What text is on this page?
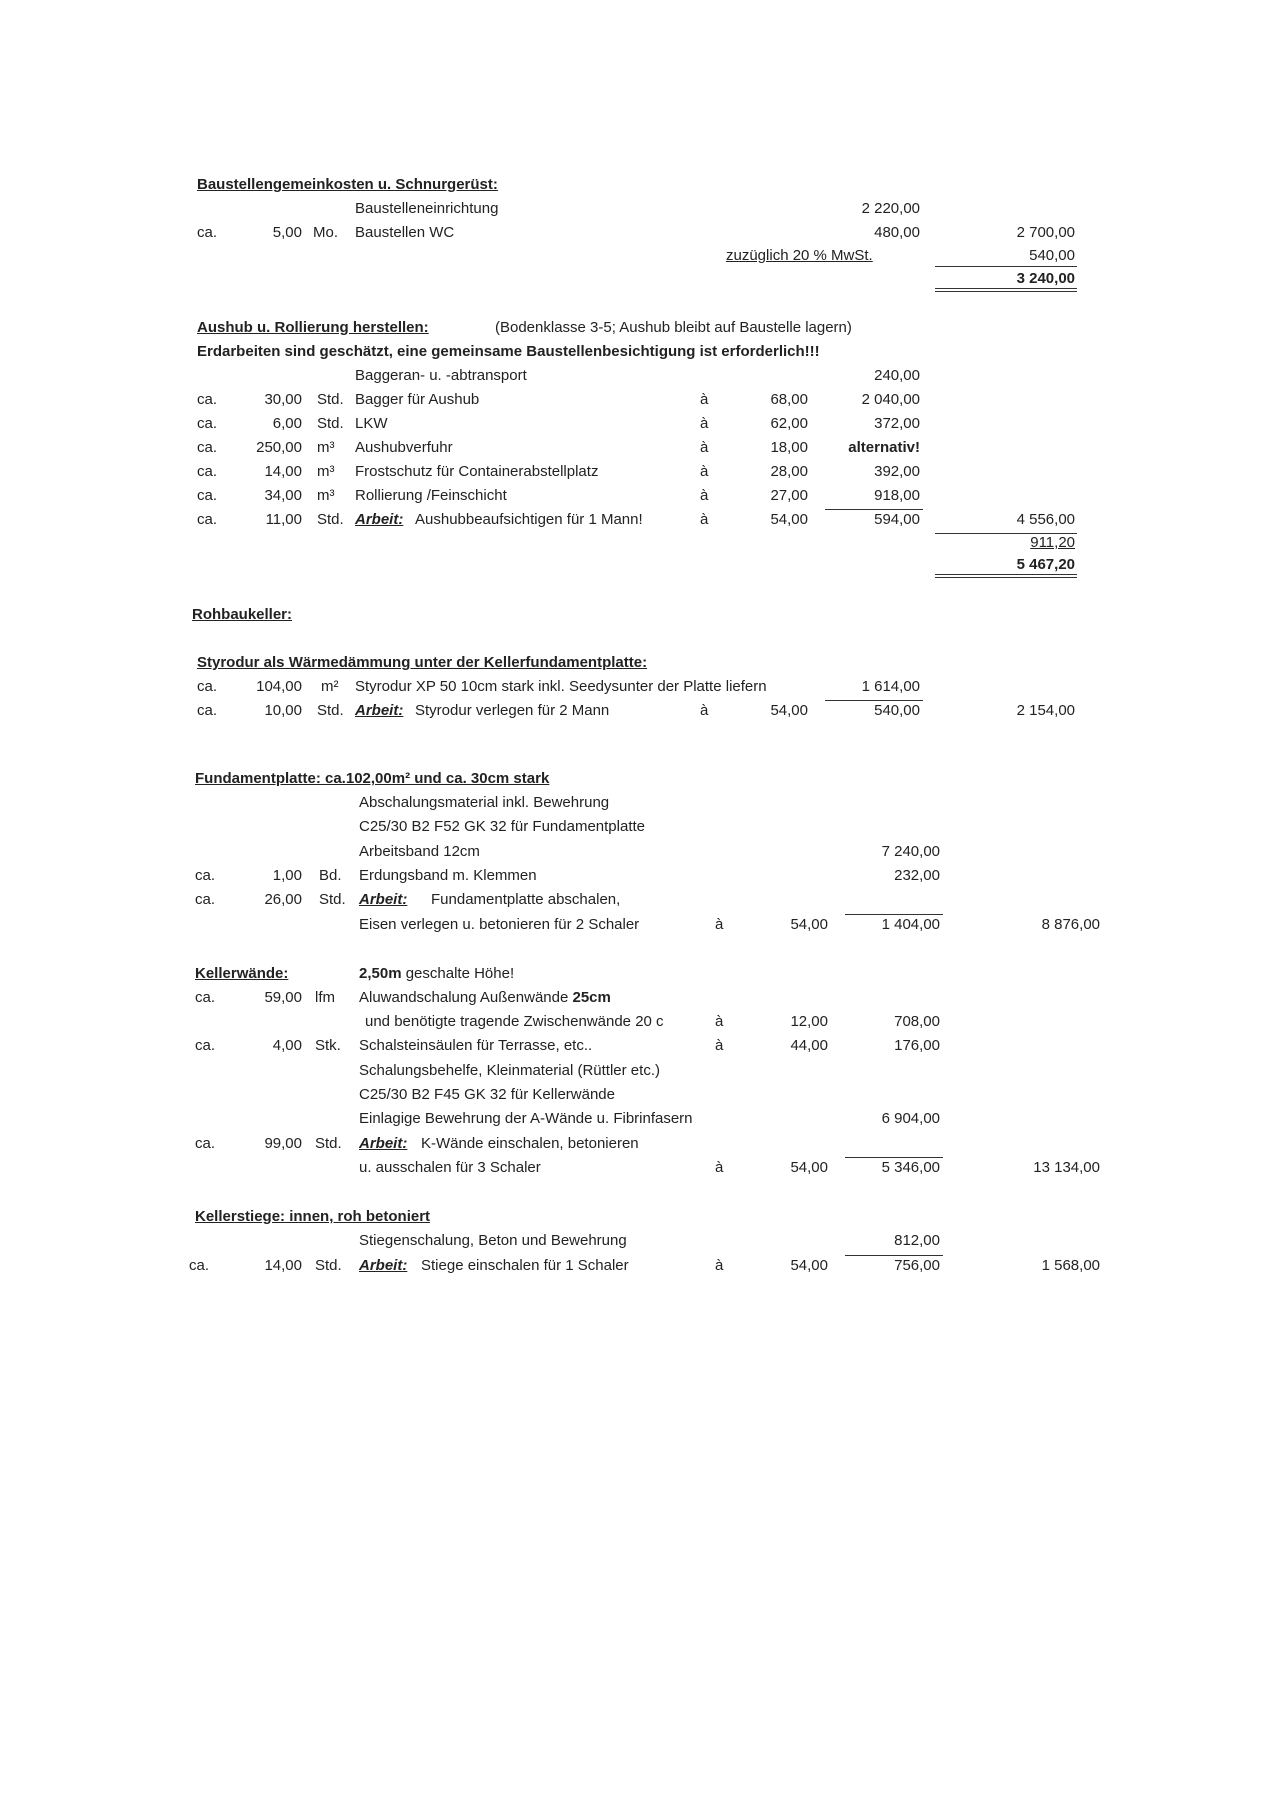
Baustellengemeinkosten u. Schnurgerüst:
Baustelleneinrichtung	2 220,00
ca.	5,00 Mo. Baustellen WC	480,00	2 700,00
zuzüglich 20 % MwSt.	540,00
3 240,00
Aushub u. Rollierung herstellen:	(Bodenklasse 3-5; Aushub bleibt auf Baustelle lagern)
Erdarbeiten sind geschätzt, eine gemeinsame Baustellenbesichtigung ist erforderlich!!!
Baggeran- u. -abtransport	240,00
ca.	30,00 Std. Bagger für Aushub	à	68,00	2 040,00
ca.	6,00 Std. LKW	à	62,00	372,00
ca.	250,00 m³ Aushubverfuhr	à	18,00	alternativ!
ca.	14,00 m³ Frostschutz für Containerabstellplatz	à	28,00	392,00
ca.	34,00 m³ Rollierung /Feinschicht	à	27,00	918,00
ca.	11,00 Std. Arbeit: Aushubbeaufsichtigen für 1 Mann!	à	54,00	594,00	4 556,00
911,20
5 467,20
Rohbaukeller:
Styrodur als Wärmedämmung unter der Kellerfundamentplatte:
ca.	104,00 m² Styrodur XP 50 10cm stark inkl. Seedysunter der Platte liefern	1 614,00
ca.	10,00 Std. Arbeit: Styrodur verlegen für 2 Mann	à	54,00	540,00	2 154,00
Fundamentplatte: ca.102,00m² und ca. 30cm stark
Abschalungsmaterial inkl. Bewehrung
C25/30 B2 F52 GK 32 für Fundamentplatte
Arbeitsband 12cm	7 240,00
ca.	1,00 Bd. Erdungsband m. Klemmen	232,00
ca.	26,00 Std. Arbeit: Fundamentplatte abschalen,
Eisen verlegen u. betonieren für 2 Schaler	à	54,00	1 404,00	8 876,00
Kellerwände:	2,50m geschalte Höhe!
ca.	59,00 lfm Aluwandschalung Außenwände 25cm
und benötigte tragende Zwischenwände 20 c	à	12,00	708,00
ca.	4,00 Stk. Schalsteinsäulen für Terrasse, etc..	à	44,00	176,00
Schalungsbehelfe, Kleinmaterial (Rüttler etc.)
C25/30 B2 F45 GK 32 für Kellerwände
Einlagige Bewehrung der A-Wände u. Fibrinfasern	6 904,00
ca.	99,00 Std. Arbeit: K-Wände einschalen, betonieren
u. ausschalen für 3 Schaler	à	54,00	5 346,00	13 134,00
Kellerstiege: innen, roh betoniert
Stiegenschalung, Beton und Bewehrung	812,00
ca.	14,00 Std. Arbeit: Stiege einschalen für 1 Schaler	à	54,00	756,00	1 568,00
